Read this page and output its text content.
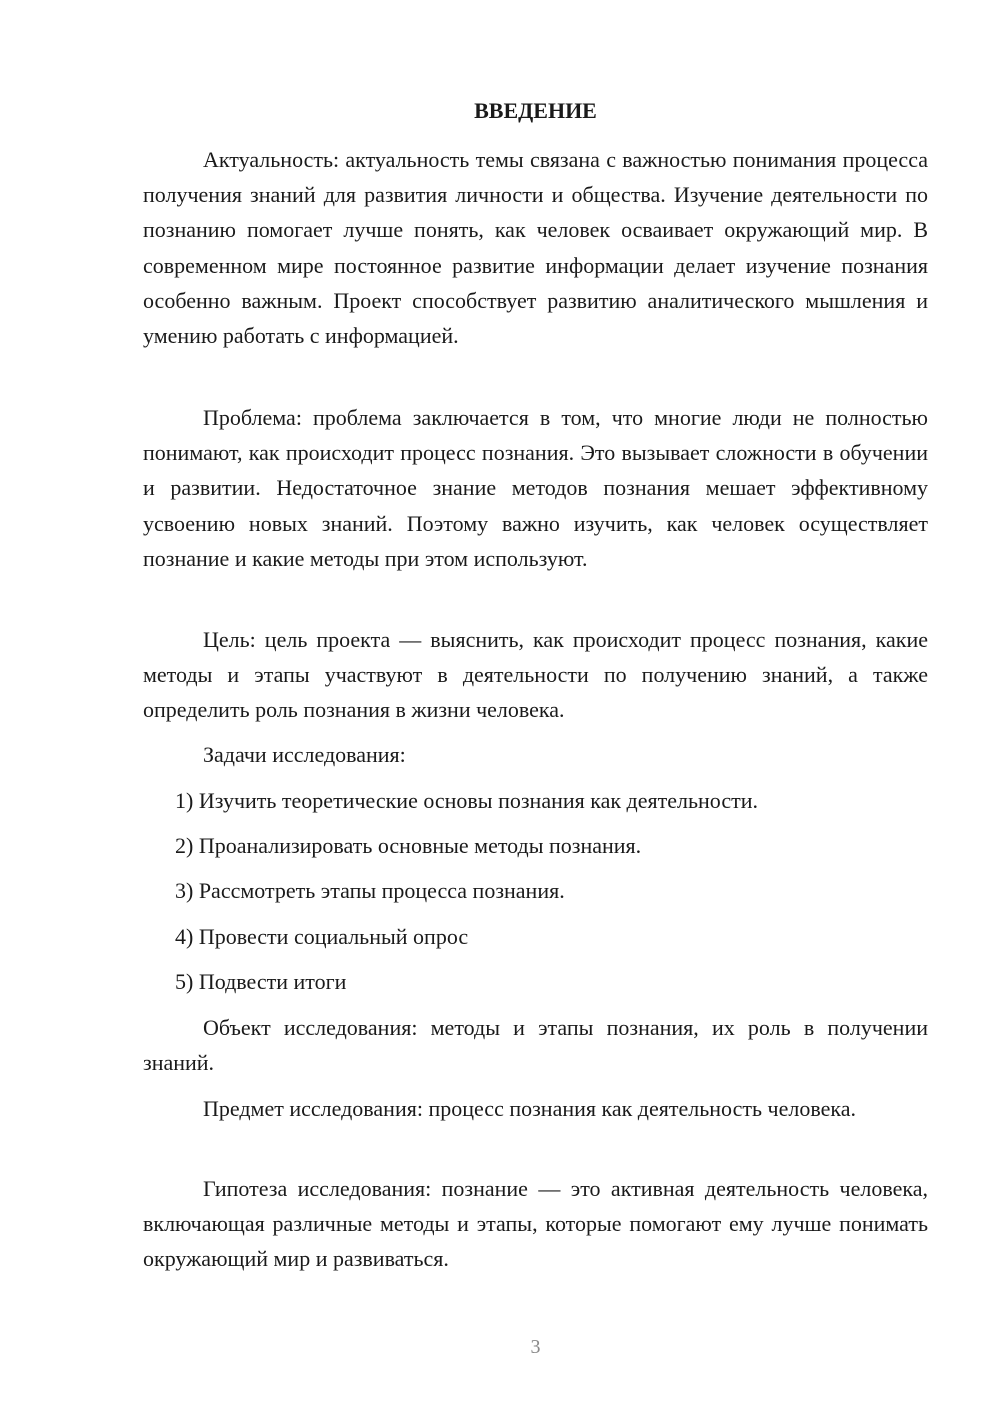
ВВЕДЕНИЕ

Актуальность: актуальность темы связана с важностью понимания процесса получения знаний для развития личности и общества. Изучение деятельности по познанию помогает лучше понять, как человек осваивает окружающий мир. В современном мире постоянное развитие информации делает изучение познания особенно важным. Проект способствует развитию аналитического мышления и умению работать с информацией.

Проблема: проблема заключается в том, что многие люди не полностью понимают, как происходит процесс познания. Это вызывает сложности в обучении и развитии. Недостаточное знание методов познания мешает эффективному усвоению новых знаний. Поэтому важно изучить, как человек осуществляет познание и какие методы при этом используют.

Цель: цель проекта — выяснить, как происходит процесс познания, какие методы и этапы участвуют в деятельности по получению знаний, а также определить роль познания в жизни человека.

Задачи исследования:

1) Изучить теоретические основы познания как деятельности.

2) Проанализировать основные методы познания.

3) Рассмотреть этапы процесса познания.

4) Провести социальный опрос

5) Подвести итоги

Объект исследования: методы и этапы познания, их роль в получении знаний.

Предмет исследования: процесс познания как деятельность человека.

Гипотеза исследования: познание — это активная деятельность человека, включающая различные методы и этапы, которые помогают ему лучше понимать окружающий мир и развиваться.

3
